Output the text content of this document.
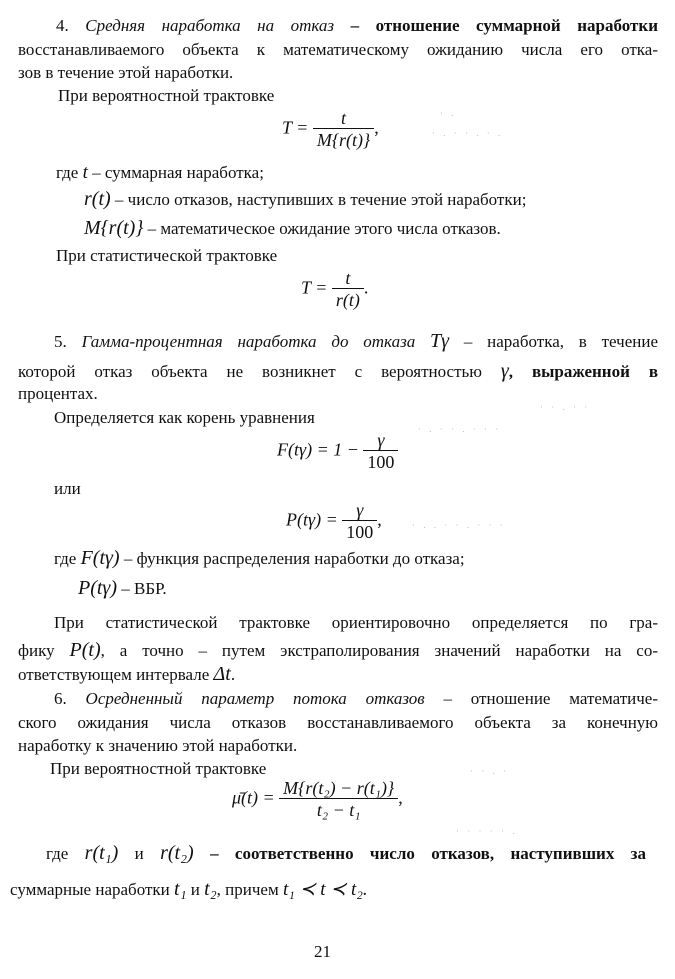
4. Средняя наработка на отказ – отношение суммарной наработки
восстанавливаемого объекта к математическому ожиданию числа его отка-
зов в течение этой наработки.
При вероятностной трактовке
$T = \frac{t}{M\{r(t)\}}$ ,
где t – суммарная наработка;
r(t) – число отказов, наступивших в течение этой наработки;
M{r(t)} – математическое ожидание этого числа отказов.
При статистической трактовке
$T = \frac{t}{r(t)}$ .
5. Гамма-процентная наработка до отказа Tγ – наработка, в течение
которой отказ объекта не возникнет с вероятностью γ, выраженной в
процентах.
Определяется как корень уравнения
$F(t\gamma) = 1 - \frac{\gamma}{100}$
или
$P(t\gamma) = \frac{\gamma}{100}$ ,
где F(tγ) – функция распределения наработки до отказа;
P(tγ) – ВБР.
При статистической трактовке ориентировочно определяется по гра-
фику P(t), а точно – путем экстраполирования значений наработки на со-
ответствующем интервале Δt.
6. Осредненный параметр потока отказов – отношение математиче-
ского ожидания числа отказов восстанавливаемого объекта за конечную
наработку к значению этой наработки.
При вероятностной трактовке
μ̄(t) = $\frac{\text{M\{r(t₂) − r(t₁)\}}}{\text{t₂ − t₁}}$ ,
где r(t₁) и r(t₂) – соответственно число отказов, наступивших за
суммарные наработки t₁ и t₂, причем t₁ ≺ t ≺ t₂.
21
· .
· . · · . · .
· · . · ·
· . · · . · · ·
· . . · · . · · ·
· · . ·
· · · · · .
